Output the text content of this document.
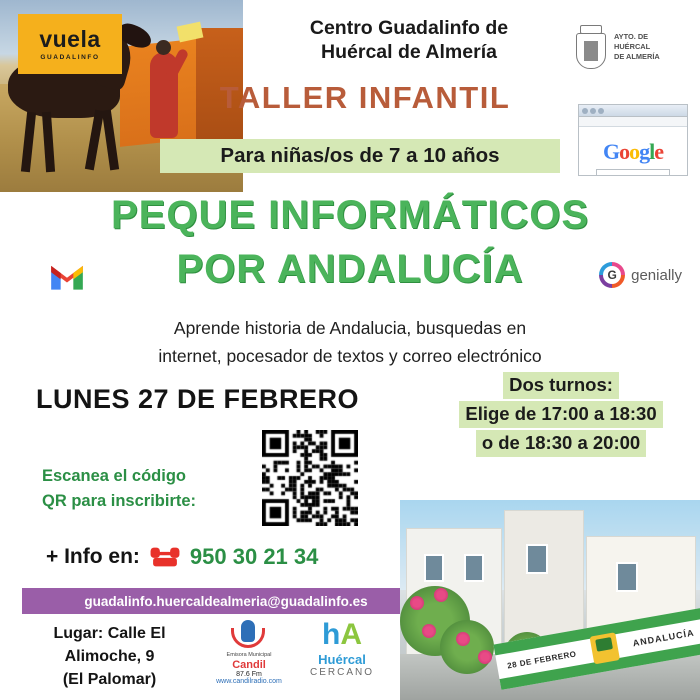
vuela
GUADALINFO
Centro Guadalinfo de
Huércal de Almería
AYTO. DE
HUÉRCAL
DE ALMERÍA
Google
TALLER INFANTIL
Para niñas/os de 7 a 10 años
PEQUE INFORMÁTICOS
POR ANDALUCÍA G	genially
Aprende historia de Andalucia, busquedas en
internet, pocesador de textos y correo electrónico
LUNES 27 DE FEBRERO	Dos turnos:
Elige de 17:00 a 18:30
o de 18:30 a 20:00
Escanea el código
QR para inscribirte:
+ Info en: 950 30 21 34
guadalinfo.huercaldealmeria@guadalinfo.es
Lugar: Calle El
Alimoche, 9
(El Palomar)
Emisora Municipal
Candil
87.6 Fm
www.candilradio.com
hA
Huércal
CERCANO
28 DE FEBRERO
ANDALUCÍA
